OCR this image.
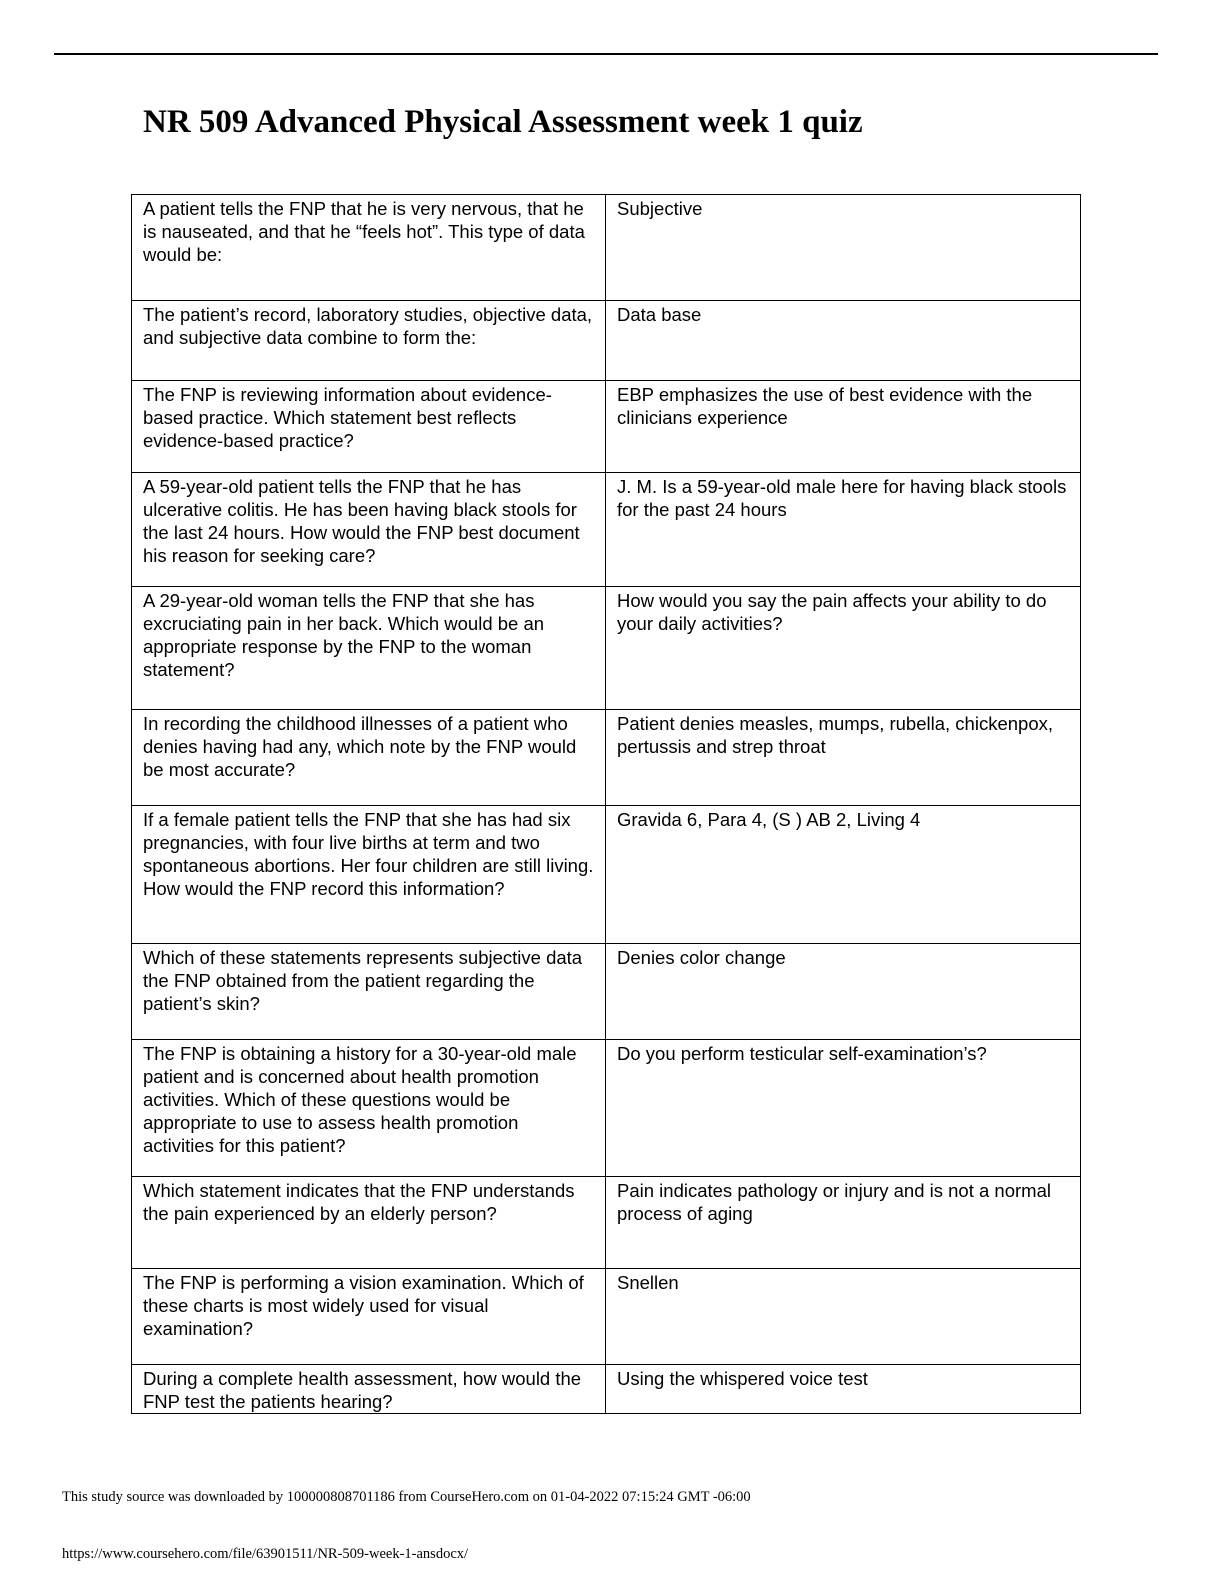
NR 509 Advanced Physical Assessment week 1 quiz
A patient tells the FNP that he is very nervous, that he is nauseated, and that he “feels hot”. This type of data would be:	Subjective
The patient’s record, laboratory studies, objective data, and subjective data combine to form the:	Data base
The FNP is reviewing information about evidence-based practice. Which statement best reflects evidence-based practice?	EBP emphasizes the use of best evidence with the clinicians experience
A 59-year-old patient tells the FNP that he has ulcerative colitis. He has been having black stools for the last 24 hours. How would the FNP best document his reason for seeking care?	J. M. Is a 59-year-old male here for having black stools for the past 24 hours
A 29-year-old woman tells the FNP that she has excruciating pain in her back. Which would be an appropriate response by the FNP to the woman statement?	How would you say the pain affects your ability to do your daily activities?
In recording the childhood illnesses of a patient who denies having had any, which note by the FNP would be most accurate?	Patient denies measles, mumps, rubella, chickenpox, pertussis and strep throat
If a female patient tells the FNP that she has had six pregnancies, with four live births at term and two spontaneous abortions. Her four children are still living. How would the FNP record this information?	Gravida 6, Para 4, (S ) AB 2, Living 4
Which of these statements represents subjective data the FNP obtained from the patient regarding the patient’s skin?	Denies color change
The FNP is obtaining a history for a 30-year-old male patient and is concerned about health promotion activities. Which of these questions would be appropriate to use to assess health promotion activities for this patient?	Do you perform testicular self-examination’s?
Which statement indicates that the FNP understands the pain experienced by an elderly person?	Pain indicates pathology or injury and is not a normal process of aging
The FNP is performing a vision examination. Which of these charts is most widely used for visual examination?	Snellen
During a complete health assessment, how would the FNP test the patients hearing?	Using the whispered voice test
This study source was downloaded by 100000808701186 from CourseHero.com on 01-04-2022 07:15:24 GMT -06:00
https://www.coursehero.com/file/63901511/NR-509-week-1-ansdocx/
